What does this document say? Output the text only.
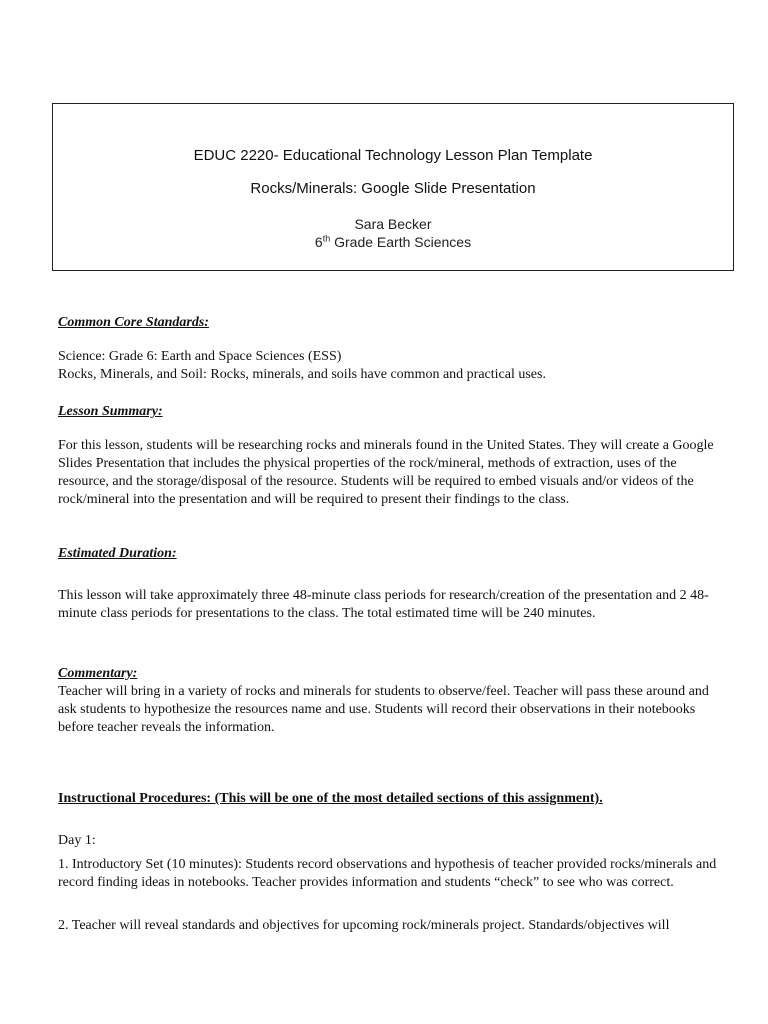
EDUC 2220- Educational Technology Lesson Plan Template
Rocks/Minerals: Google Slide Presentation
Sara Becker
6th Grade Earth Sciences
Common Core Standards:

Science: Grade 6: Earth and Space Sciences (ESS)

Rocks, Minerals, and Soil: Rocks, minerals, and soils have common and practical uses.

Lesson Summary:

For this lesson, students will be researching rocks and minerals found in the United States. They will create a Google Slides Presentation that includes the physical properties of the rock/mineral, methods of extraction, uses of the resource, and the storage/disposal of the resource. Students will be required to embed visuals and/or videos of the rock/mineral into the presentation and will be required to present their findings to the class.

Estimated Duration:

This lesson will take approximately three 48-minute class periods for research/creation of the presentation and 2 48-minute class periods for presentations to the class. The total estimated time will be 240 minutes.

Commentary:

Teacher will bring in a variety of rocks and minerals for students to observe/feel. Teacher will pass these around and ask students to hypothesize the resources name and use. Students will record their observations in their notebooks before teacher reveals the information.

Instructional Procedures: (This will be one of the most detailed sections of this assignment).

Day 1:

1. Introductory Set (10 minutes): Students record observations and hypothesis of teacher provided rocks/minerals and record finding ideas in notebooks. Teacher provides information and students “check” to see who was correct.

2. Teacher will reveal standards and objectives for upcoming rock/minerals project. Standards/objectives will
